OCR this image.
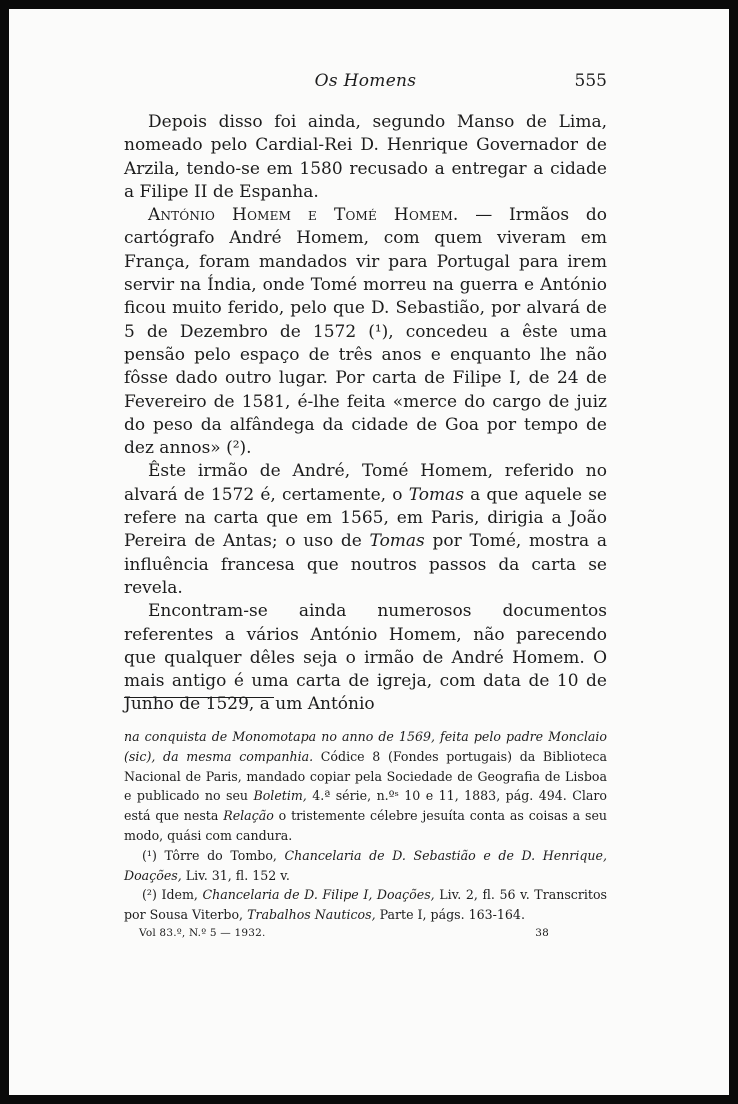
Os Homens	555

Depois disso foi ainda, segundo Manso de Lima, nomeado pelo Cardial-Rei D. Henrique Governador de Arzila, tendo-se em 1580 recusado a entregar a cidade a Filipe II de Espanha.

António Homem e Tomé Homem. — Irmãos do cartógrafo André Homem, com quem viveram em França, foram mandados vir para Portugal para irem servir na Índia, onde Tomé morreu na guerra e António ficou muito ferido, pelo que D. Sebastião, por alvará de 5 de Dezembro de 1572 (¹), concedeu a êste uma pensão pelo espaço de três anos e enquanto lhe não fôsse dado outro lugar. Por carta de Filipe I, de 24 de Fevereiro de 1581, é-lhe feita «merce do cargo de juiz do peso da alfândega da cidade de Goa por tempo de dez annos» (²).

Êste irmão de André, Tomé Homem, referido no alvará de 1572 é, certamente, o Tomas a que aquele se refere na carta que em 1565, em Paris, dirigia a João Pereira de Antas; o uso de Tomas por Tomé, mostra a influência francesa que noutros passos da carta se revela.

Encontram-se ainda numerosos documentos referentes a vários António Homem, não parecendo que qualquer dêles seja o irmão de André Homem. O mais antigo é uma carta de igreja, com data de 10 de Junho de 1529, a um António

na conquista de Monomotapa no anno de 1569, feita pelo padre Monclaio (sic), da mesma companhia. Códice 8 (Fondes portugais) da Biblioteca Nacional de Paris, mandado copiar pela Sociedade de Geografia de Lisboa e publicado no seu Boletim, 4.ª série, n.ºˢ 10 e 11, 1883, pág. 494. Claro está que nesta Relação o tristemente célebre jesuíta conta as coisas a seu modo, quási com candura.

(¹) Tôrre do Tombo, Chancelaria de D. Sebastião e de D. Henrique, Doações, Liv. 31, fl. 152 v.

(²) Idem, Chancelaria de D. Filipe I, Doações, Liv. 2, fl. 56 v. Transcritos por Sousa Viterbo, Trabalhos Nauticos, Parte I, págs. 163-164.

Vol 83.º, N.º 5 — 1932.	38
